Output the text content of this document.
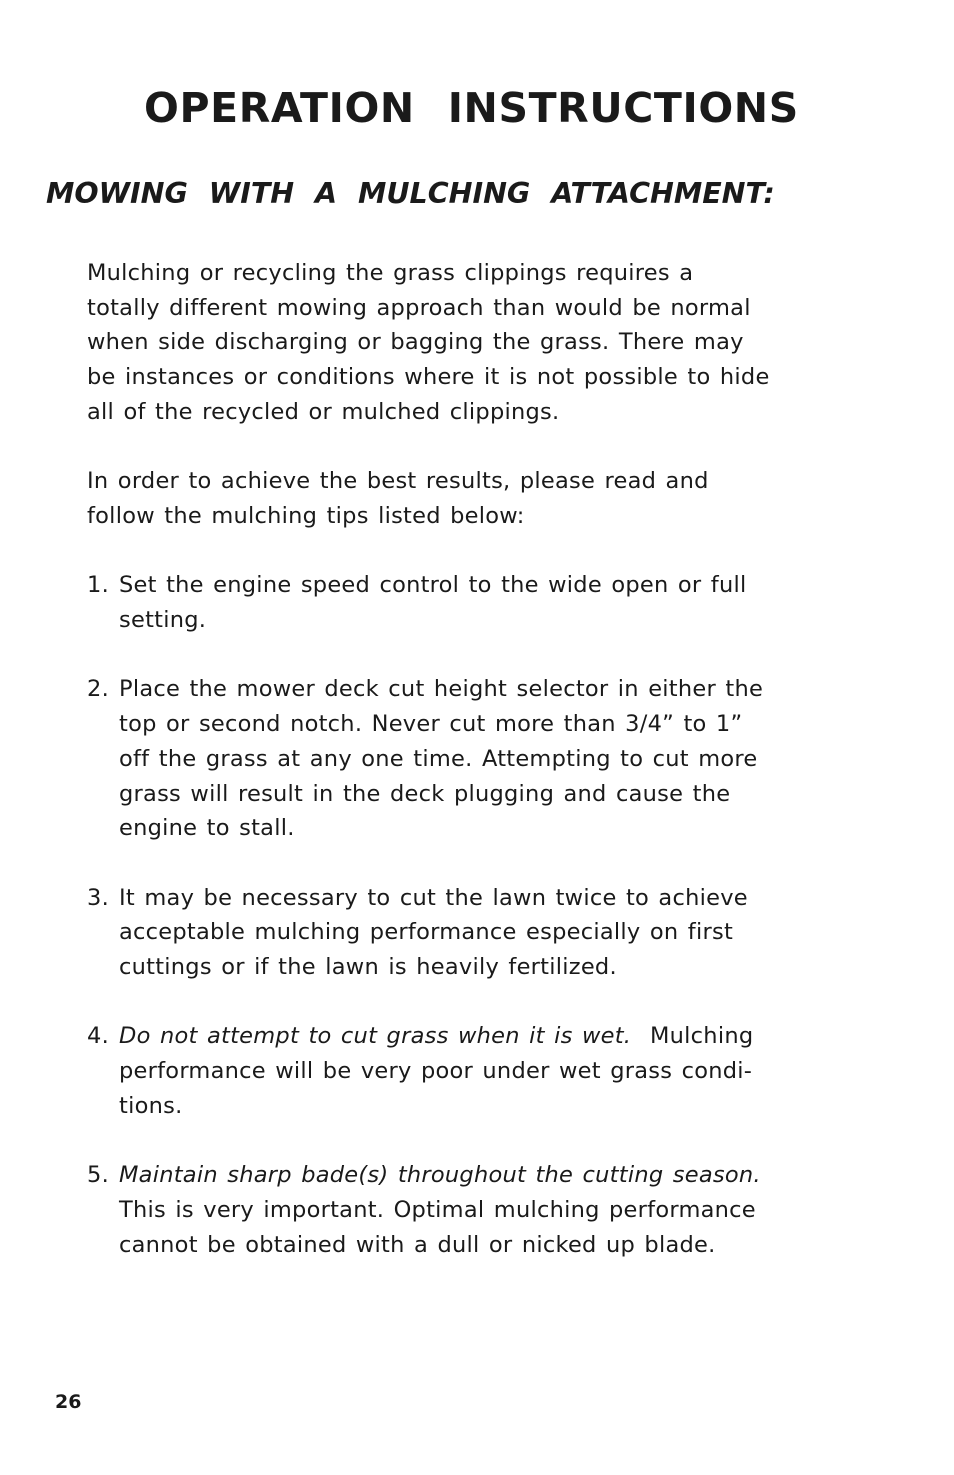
OPERATION INSTRUCTIONS
MOWING WITH A MULCHING ATTACHMENT:

Mulching or recycling the grass clippings requires a
totally different mowing approach than would be normal
when side discharging or bagging the grass. There may
be instances or conditions where it is not possible to hide
all of the recycled or mulched clippings.

In order to achieve the best results, please read and
follow the mulching tips listed below:

1. Set the engine speed control to the wide open or full
setting.
2. Place the mower deck cut height selector in either the
top or second notch. Never cut more than 3/4” to 1”
off the grass at any one time. Attempting to cut more
grass will result in the deck plugging and cause the
engine to stall.
3. It may be necessary to cut the lawn twice to achieve
acceptable mulching performance especially on first
cuttings or if the lawn is heavily fertilized.
4. Do not attempt to cut grass when it is wet.  Mulching
performance will be very poor under wet grass condi-
tions.
5. Maintain sharp bade(s) throughout the cutting season.
This is very important. Optimal mulching performance
cannot be obtained with a dull or nicked up blade.
26
